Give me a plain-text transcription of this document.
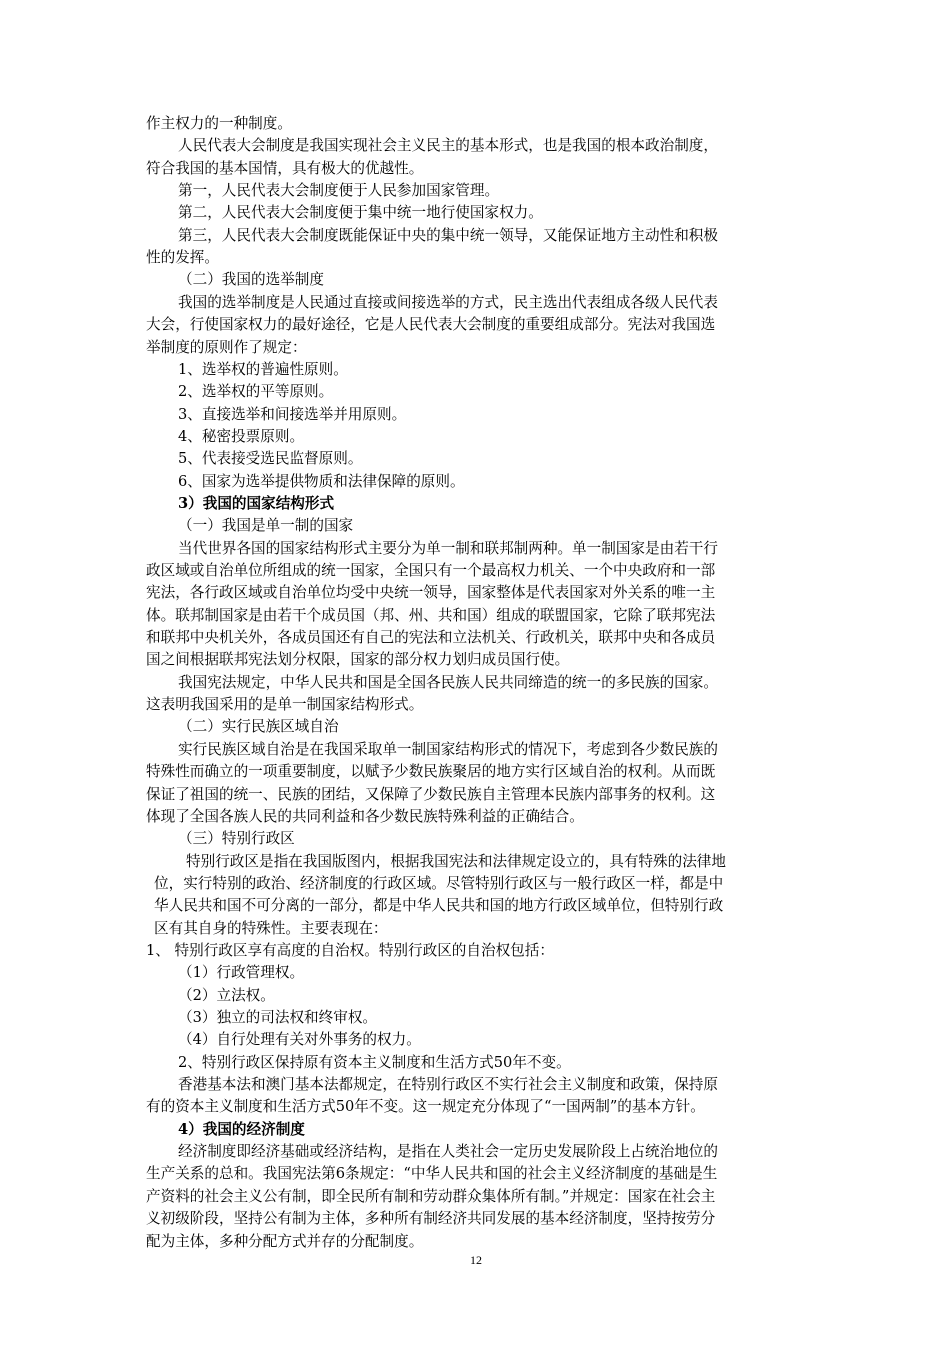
作主权力的一种制度。
人民代表大会制度是我国实现社会主义民主的基本形式，也是我国的根本政治制度，
符合我国的基本国情，具有极大的优越性。
第一，人民代表大会制度便于人民参加国家管理。
第二，人民代表大会制度便于集中统一地行使国家权力。
第三，人民代表大会制度既能保证中央的集中统一领导，又能保证地方主动性和积极
性的发挥。
（二）我国的选举制度
我国的选举制度是人民通过直接或间接选举的方式，民主选出代表组成各级人民代表
大会，行使国家权力的最好途径，它是人民代表大会制度的重要组成部分。宪法对我国选
举制度的原则作了规定：
1、选举权的普遍性原则。
2、选举权的平等原则。
3、直接选举和间接选举并用原则。
4、秘密投票原则。
5、代表接受选民监督原则。
6、国家为选举提供物质和法律保障的原则。
3）我国的国家结构形式
（一）我国是单一制的国家
当代世界各国的国家结构形式主要分为单一制和联邦制两种。单一制国家是由若干行
政区域或自治单位所组成的统一国家，全国只有一个最高权力机关、一个中央政府和一部
宪法，各行政区域或自治单位均受中央统一领导，国家整体是代表国家对外关系的唯一主
体。联邦制国家是由若干个成员国（邦、州、共和国）组成的联盟国家，它除了联邦宪法
和联邦中央机关外，各成员国还有自己的宪法和立法机关、行政机关，联邦中央和各成员
国之间根据联邦宪法划分权限，国家的部分权力划归成员国行使。
我国宪法规定，中华人民共和国是全国各民族人民共同缔造的统一的多民族的国家。
这表明我国采用的是单一制国家结构形式。
（二）实行民族区域自治
实行民族区域自治是在我国采取单一制国家结构形式的情况下，考虑到各少数民族的
特殊性而确立的一项重要制度，以赋予少数民族聚居的地方实行区域自治的权利。从而既
保证了祖国的统一、民族的团结，又保障了少数民族自主管理本民族内部事务的权利。这
体现了全国各族人民的共同利益和各少数民族特殊利益的正确结合。
（三）特别行政区
特别行政区是指在我国版图内，根据我国宪法和法律规定设立的，具有特殊的法律地
位，实行特别的政治、经济制度的行政区域。尽管特别行政区与一般行政区一样，都是中
华人民共和国不可分离的一部分，都是中华人民共和国的地方行政区域单位，但特别行政
区有其自身的特殊性。主要表现在：
1、 特别行政区享有高度的自治权。特别行政区的自治权包括：
（1）行政管理权。
（2）立法权。
（3）独立的司法权和终审权。
（4）自行处理有关对外事务的权力。
2、特别行政区保持原有资本主义制度和生活方式50年不变。
香港基本法和澳门基本法都规定，在特别行政区不实行社会主义制度和政策，保持原
有的资本主义制度和生活方式50年不变。这一规定充分体现了“一国两制”的基本方针。
4）我国的经济制度
经济制度即经济基础或经济结构，是指在人类社会一定历史发展阶段上占统治地位的
生产关系的总和。我国宪法第6条规定：“中华人民共和国的社会主义经济制度的基础是生
产资料的社会主义公有制，即全民所有制和劳动群众集体所有制。”并规定：国家在社会主
义初级阶段，坚持公有制为主体，多种所有制经济共同发展的基本经济制度，坚持按劳分
配为主体，多种分配方式并存的分配制度。
12
